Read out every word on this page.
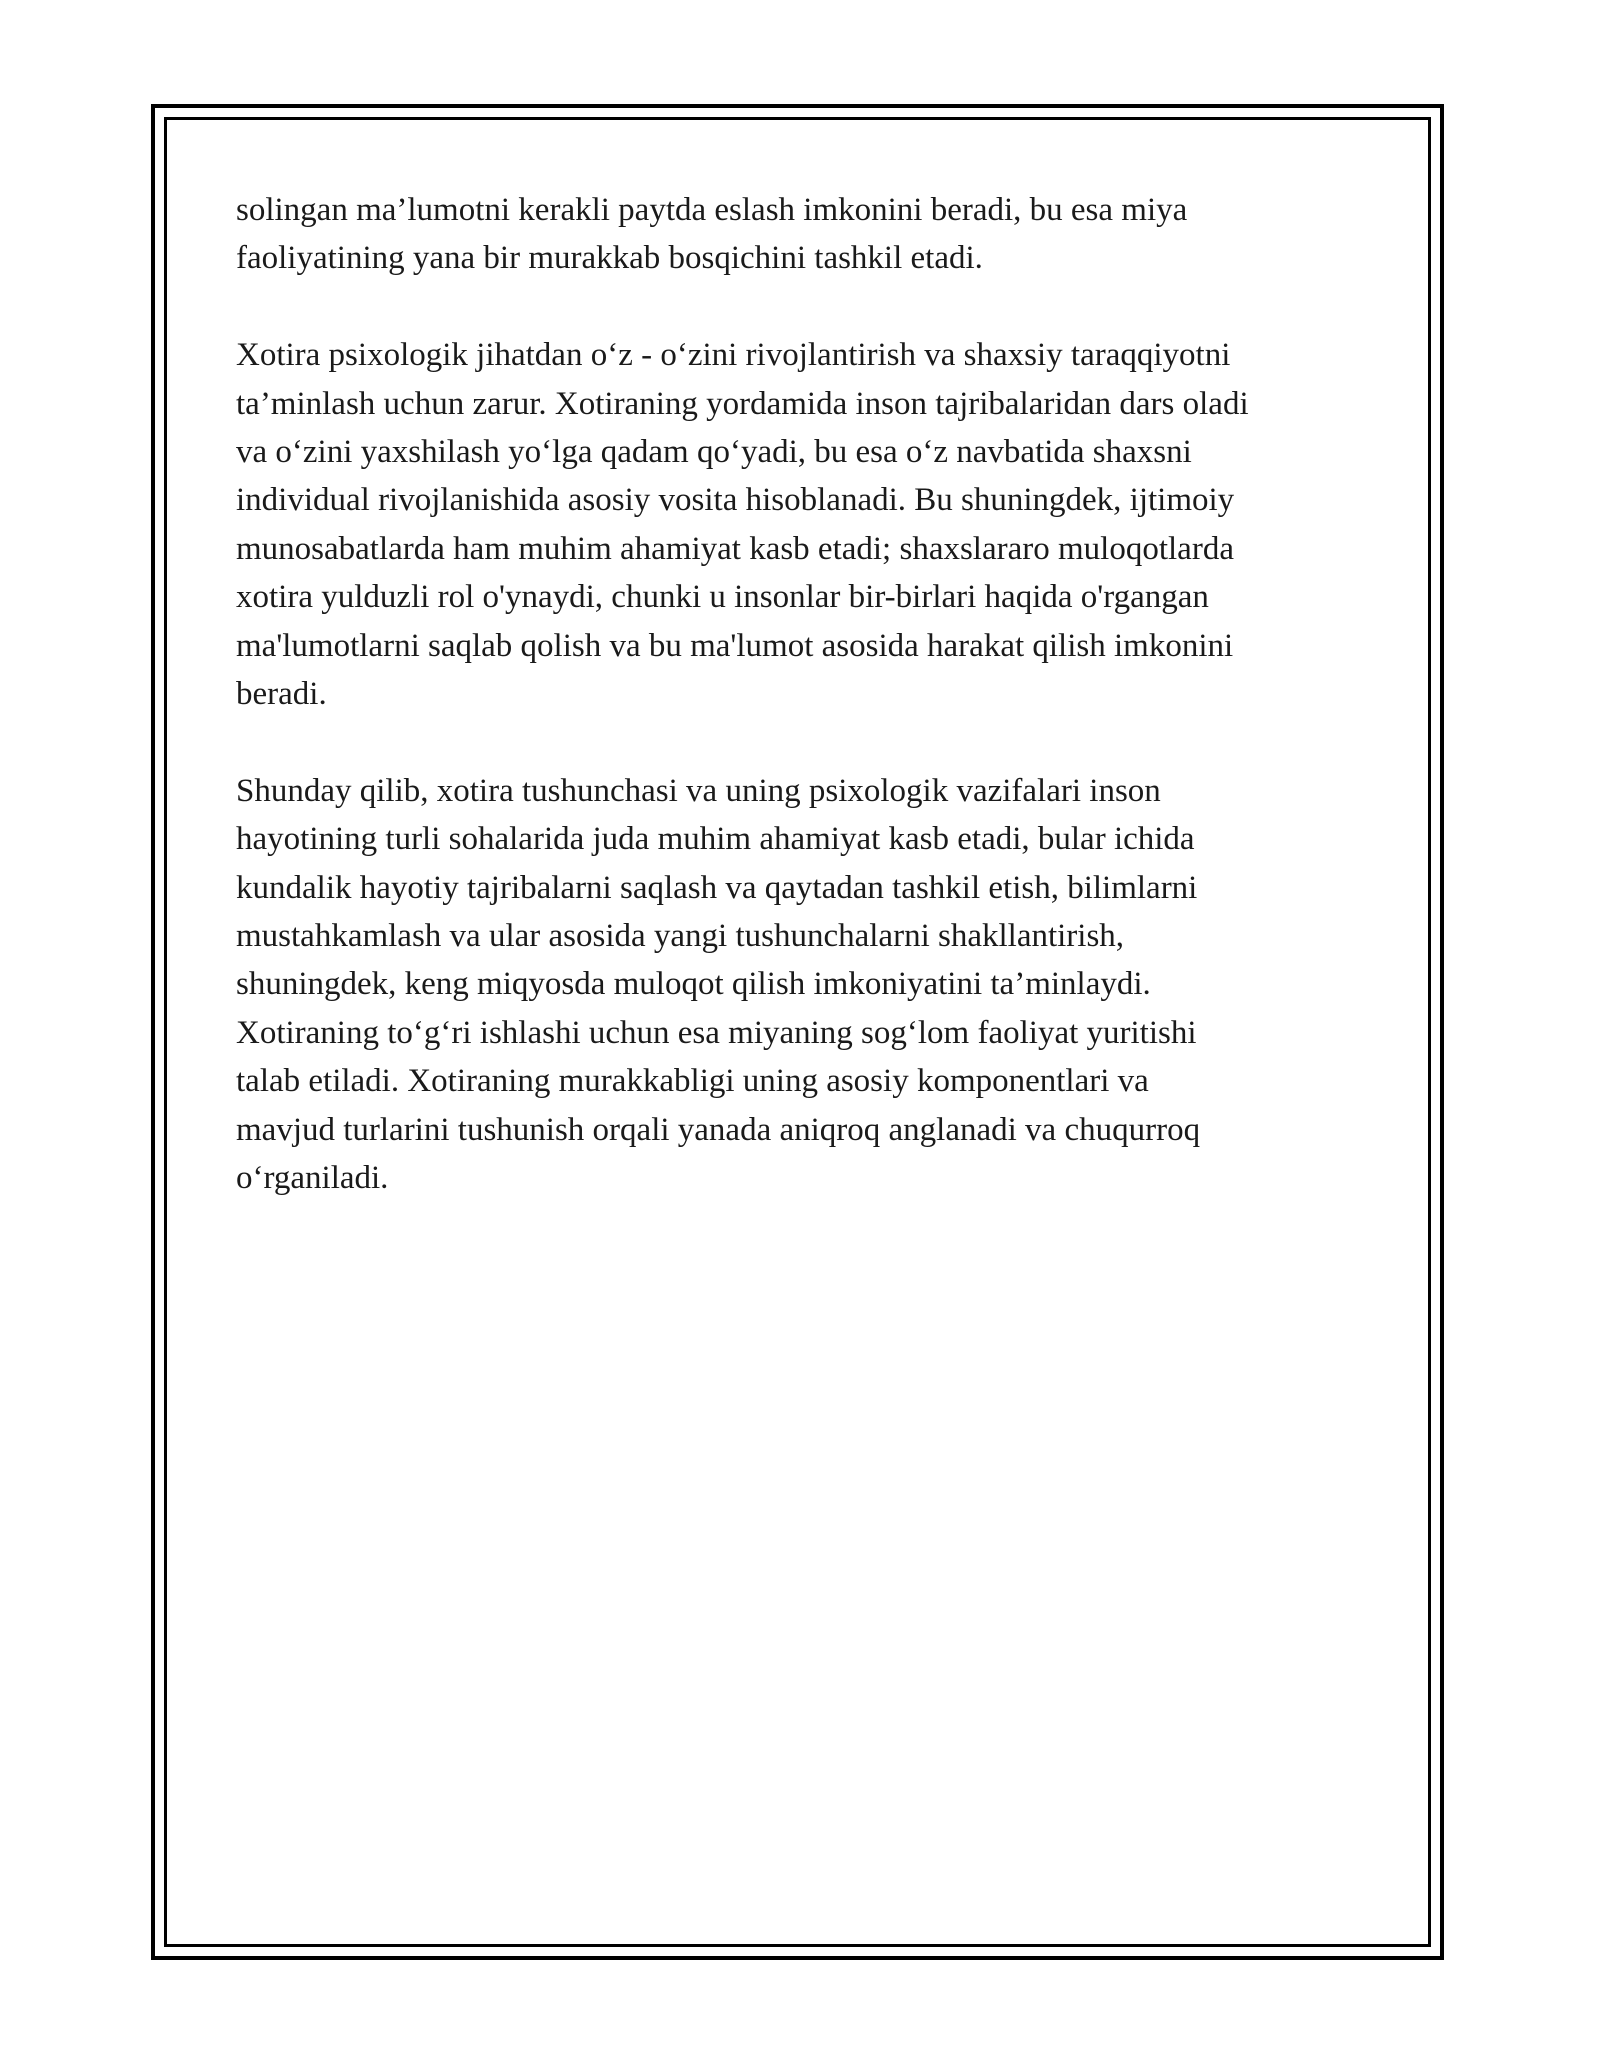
solingan ma’lumotni kerakli paytda eslash imkonini beradi, bu esa miya
faoliyatining yana bir murakkab bosqichini tashkil etadi.

Xotira psixologik jihatdan o‘z - o‘zini rivojlantirish va shaxsiy taraqqiyotni
ta’minlash uchun zarur. Xotiraning yordamida inson tajribalaridan dars oladi
va o‘zini yaxshilash yo‘lga qadam qo‘yadi, bu esa o‘z navbatida shaxsni
individual rivojlanishida asosiy vosita hisoblanadi. Bu shuningdek, ijtimoiy
munosabatlarda ham muhim ahamiyat kasb etadi; shaxslararo muloqotlarda
xotira yulduzli rol o'ynaydi, chunki u insonlar bir-birlari haqida o'rgangan
ma'lumotlarni saqlab qolish va bu ma'lumot asosida harakat qilish imkonini
beradi.

Shunday qilib, xotira tushunchasi va uning psixologik vazifalari inson
hayotining turli sohalarida juda muhim ahamiyat kasb etadi, bular ichida
kundalik hayotiy tajribalarni saqlash va qaytadan tashkil etish, bilimlarni
mustahkamlash va ular asosida yangi tushunchalarni shakllantirish,
shuningdek, keng miqyosda muloqot qilish imkoniyatini ta’minlaydi.
Xotiraning to‘g‘ri ishlashi uchun esa miyaning sog‘lom faoliyat yuritishi
talab etiladi. Xotiraning murakkabligi uning asosiy komponentlari va
mavjud turlarini tushunish orqali yanada aniqroq anglanadi va chuqurroq
o‘rganiladi.
